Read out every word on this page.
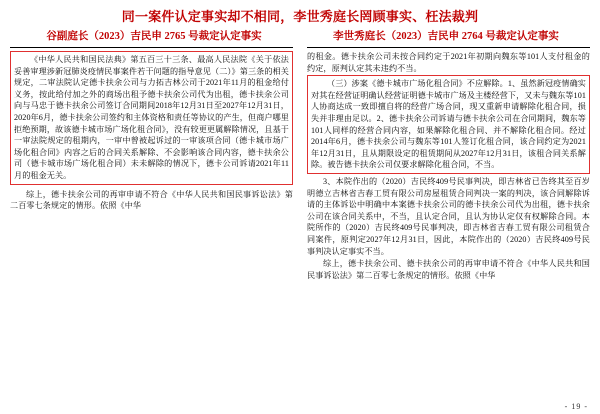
同一案件认定事实却不相同，李世秀庭长罔顾事实、枉法裁判
谷副庭长（2023）吉民申 2765 号裁定认定事实	李世秀庭长（2023）吉民申 2764 号裁定认定事实

《中华人民共和国民法典》第五百三十三条、最高人民法院《关于依法妥善审理涉新冠肺炎疫情民事案件若干问题的指导意见（二）》第三条的相关规定，二审法院认定德卡扶余公司与力拓吉林公司于2021年11月的租金给付义务，按此给付加之外的商场出租予德卡扶余公司代为出租，德卡扶余公司向与马忠于德卡扶余公司签订合同期间2018年12月31日至2027年12月31日，2020年6月，德卡扶余公司签约和主体资格和责任等协议的产生，但商户哪里拒绝预期，故该德卡城市场广场化租合同》，没有较更更属解除情况，且基于一审法院规定的租期内，一审中曾被起诉过的一审该项合同（德卡城市场广场化租合同》内容之后的合同关系解除、不会影响该合同内容，德卡扶余公司（德卡城市场广场化租合同）未未解除的情况下，德卡公司诉请2021年11月的租金无关。

综上，德卡扶余公司的再审申请不符合《中华人民共和国民事诉讼法》第二百零七条规定的情形。依照《中华

的租金。德卡扶余公司未按合同约定于2021年初期向魏东等101人支付租金的约定，原判认定其未违约不当。

（三）涉案《德卡城市广场化租合同》不应解除。1、虽然新冠疫情确实对其在经营证明确认经营证明德卡城市广场及主楼经营下，又未与魏东等101人协商达成一致即擅自将的经营广场合同，现又重新申请解除化租合同，损失并非理由足以。2、德卡扶余公司诉请与德卡扶余公司在合同期间，魏东等101人同样的经营合同内容，如果解除化租合同、并不解除化租合同。经过2014年6月，德卡扶余公司与魏东等101人签订化租合同，该合同约定为2021年12月31日，且从期限设定的租赁期间从2027年12月31日，该租合同关系解除。被告德卡扶余公司仅要求解除化租合同，不当。

3、本院作出的（2020）吉民终409号民事判决，即吉林省已告终其至百岁明德立吉林省吉春工贸有限公司房屋租赁合同判决一案的判决，该合同解除诉请的主体诉讼中明确中本案德卡扶余公司的德卡扶余公司代为出租，德卡扶余公司在该合同关系中，不当，且认定合同，且认为协认定仅有权解除合同。本院所作的（2020）吉民终409号民事判决，即吉林省吉春工贸有限公司租赁合同案件，原判定2027年12月31日，因此，本院作出的（2020）吉民终409号民事判决认定事实不当。

综上，德卡扶余公司、德卡扶余公司的再审申请不符合《中华人民共和国民事诉讼法》第二百零七条规定的情形。依照《中华

- 19 -
